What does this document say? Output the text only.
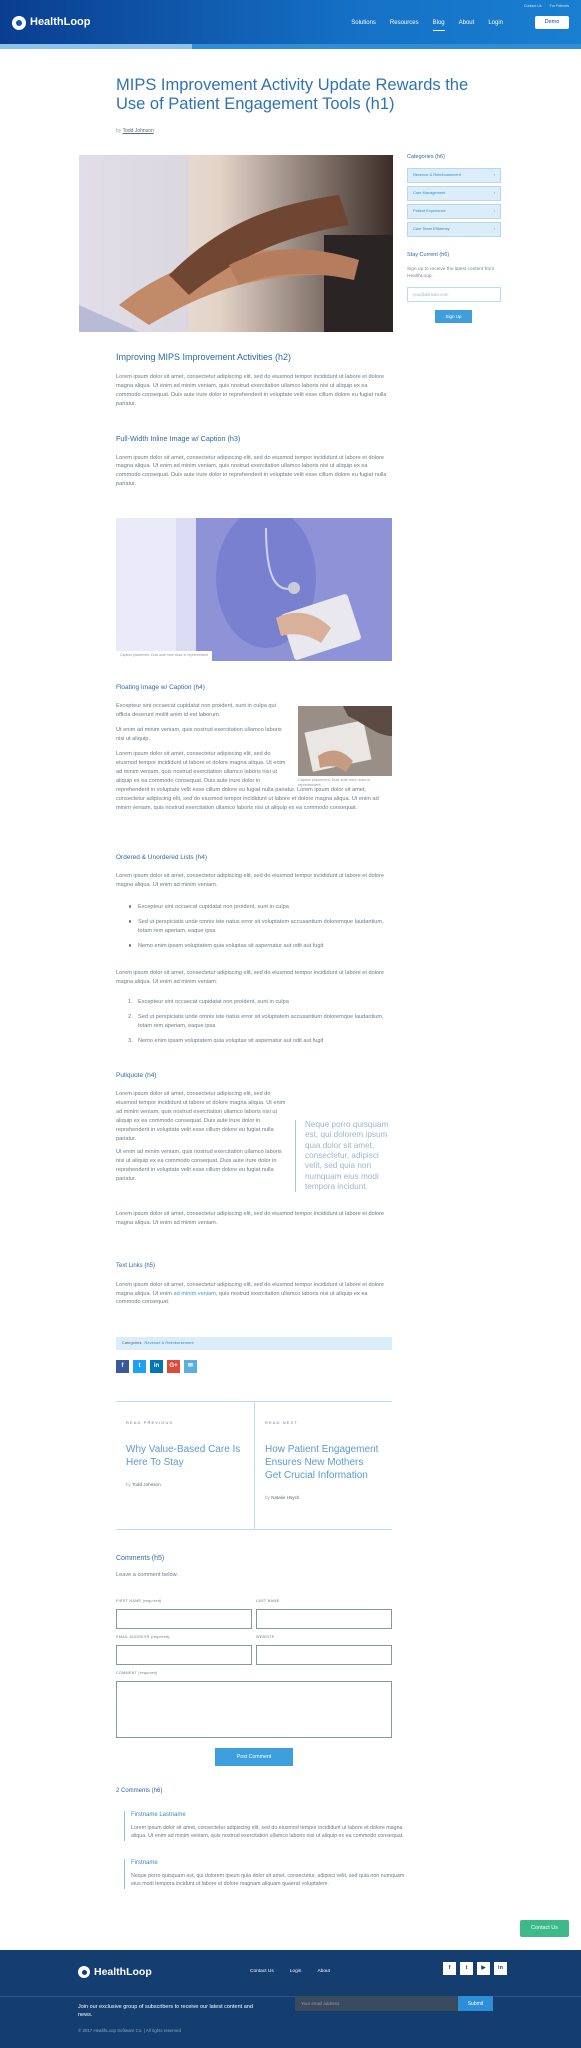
HealthLoop
Contact Us For Patients
Solutions Resources Blog About Login	Demo
MIPS Improvement Activity Update Rewards the Use of Patient Engagement Tools (h1)
by Todd Johnson
Categories (h6)
Revenue & Reimbursement	›
Care Management	›
Patient Experience	›
Care Team Efficiency	›
Stay Current (h6)

Sign up to receive the latest content from HealthLoop.

you@domain.com
Sign Up
Improving MIPS Improvement Activities (h2)

Lorem ipsum dolor sit amet, consectetur adipiscing elit, sed do eiusmod tempor incididunt ut labore et dolore magna aliqua. Ut enim ad minim veniam, quis nostrud exercitation ullamco laboris nisi ut aliquip ex ea commodo consequat. Duis aute irure dolor in reprehenderit in voluptate velit esse cillum dolore eu fugiat nulla pariatur.

Full-Width Inline Image w/ Caption (h3)

Lorem ipsum dolor sit amet, consectetur adipiscing elit, sed do eiusmod tempor incididunt ut labore et dolore magna aliqua. Ut enim ad minim veniam, quis nostrud exercitation ullamco laboris nisi ut aliquip ex ea commodo consequat. Duis aute irure dolor in reprehenderit in voluptate velit esse cillum dolore eu fugiat nulla pariatur.

Caption placement: Duis aute irure dolor in reprehenderit
Floating Image w/ Caption (h4)

Excepteur sint occaecat cupidatat non proident, sunt in culpa qui officia deserunt mollit anim id est laborum.

Ut enim ad minim veniam, quis nostrud exercitation ullamco laboris nisi ut aliquip.

Lorem ipsum dolor sit amet, consectetur adipiscing elit, sed do eiusmod tempor incididunt ut labore et dolore magna aliqua. Ut enim ad minim veniam, quis nostrud exercitation ullamco laboris nisi ut aliquip ex ea commodo consequat. Duis aute irure dolor in reprehenderit in voluptate velit esse cillum dolore eu fugiat nulla pariatur. Lorem ipsum dolor sit amet, consectetur adipiscing elit, sed do eiusmod tempor incididunt ut labore et dolore magna aliqua. Ut enim ad minim veniam, quis nostrud exercitation ullamco laboris nisi ut aliquip ex ea commodo consequat.

Caption placement: Duis aute irure dolor in reprehenderit
Ordered & Unordered Lists (h4)

Lorem ipsum dolor sit amet, consectetur adipiscing elit, sed do eiusmod tempor incididunt ut labore et dolore magna aliqua. Ut enim ad minim veniam.

Excepteur sint occaecat cupidatat non proident, sunt in culpa
Sed ut perspiciatis unde omnis iste natus error sit voluptatem accusantium doloremque laudantium, totam rem aperiam, eaque ipsa
Nemo enim ipsam voluptatem quia voluptas sit aspernatur aut odit aut fugit

Lorem ipsum dolor sit amet, consectetur adipiscing elit, sed do eiusmod tempor incididunt ut labore et dolore magna aliqua. Ut enim ad minim veniam.

1. Excepteur sint occaecat cupidatat non proident, sunt in culpa
2. Sed ut perspiciatis unde omnis iste natus error sit voluptatem accusantium doloremque laudantium, totam rem aperiam, eaque ipsa
3. Nemo enim ipsam voluptatem quia voluptas sit aspernatur aut odit aut fugit
Pullquote (h4)

Lorem ipsum dolor sit amet, consectetur adipiscing elit, sed do eiusmod tempor incididunt ut labore et dolore magna aliqua. Ut enim ad minim veniam, quis nostrud exercitation ullamco laboris nisi ut aliquip ex ea commodo consequat. Duis aute irure dolor in reprehenderit in voluptate velit esse cillum dolore eu fugiat nulla pariatur.

Ut enim ad minim veniam, quis nostrud exercitation ullamco laboris nisi ut aliquip ex ea commodo consequat. Duis aute irure dolor in reprehenderit in voluptate velit esse cillum dolore eu fugiat nulla pariatur.

Neque porro quisquam est, qui dolorem ipsum quia dolor sit amet, consectetur, adipisci velit, sed quia non numquam eius modi tempora incidunt.

Lorem ipsum dolor sit amet, consectetur adipiscing elit, sed do eiusmod tempor incididunt ut labore et dolore magna aliqua. Ut enim ad minim veniam.

Text Links (h5)

Lorem ipsum dolor sit amet, consectetur adipiscing elit, sed do eiusmod tempor incididunt ut labore et dolore magna aliqua. Ut enim ad minim veniam, quis nostrud exercitation ullamco laboris nisi ut aliquip ex ea commodo consequat.

Categories: Revenue & Reimbursement
f	t	in	G+	✉
READ PREVIOUS
Why Value-Based Care Is Here To Stay
by Todd Johnson
READ NEXT
How Patient Engagement Ensures New Mothers Get Crucial Information
by Natalie Hsych
Comments (h5)

Leave a comment below.

FIRST NAME (required)	LAST NAME
EMAIL ADDRESS (required)	WEBSITE
COMMENT (required)
Post Comment
2 Comments (h6)
Firstname Lastname

Lorem ipsum dolor sit amet, consectetur adipiscing elit, sed do eiusmod tempor incididunt ut labore et dolore magna aliqua. Ut enim ad minim veniam, quis nostrud exercitation ullamco laboris nisi ut aliquip ex ea commodo consequat.

Firstname

Neque porro quisquam est, qui dolorem ipsum quia dolor sit amet, consectetur, adipisci velit, sed quia non numquam eius modi tempora incidunt ut labore et dolore magnam aliquam quaerat voluptatem.

Contact Us
HealthLoop	Contact Us	Login	About
f	t	▶	in
Join our exclusive group of subscribers to receive our latest content and news.
Your email address	Submit
© 2017 HealthLoop Software Co. | All rights reserved
